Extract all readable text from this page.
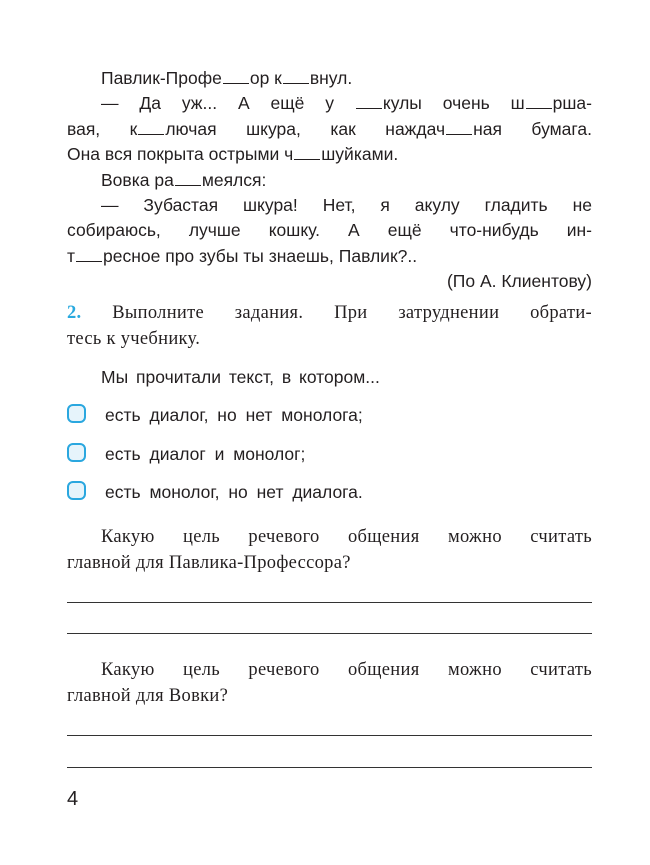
Павлик-Профе ор к внул.
— Да уж... А ещё у кулы очень ш рша-
вая, к лючая шкура, как наждач ная бумага.
Она вся покрыта острыми ч шуйками.
Вовка ра меялся:
— Зубастая шкура! Нет, я акулу гладить не
собираюсь, лучше кошку. А ещё что-нибудь ин-
т ресное про зубы ты знаешь, Павлик?..
(По А. Клиентову)
2. Выполните задания. При затруднении обрати-
тесь к учебнику.
Мы прочитали текст, в котором...
есть диалог, но нет монолога;
есть диалог и монолог;
есть монолог, но нет диалога.
Какую цель речевого общения можно считать
главной для Павлика-Профессора?
Какую цель речевого общения можно считать
главной для Вовки?
4
